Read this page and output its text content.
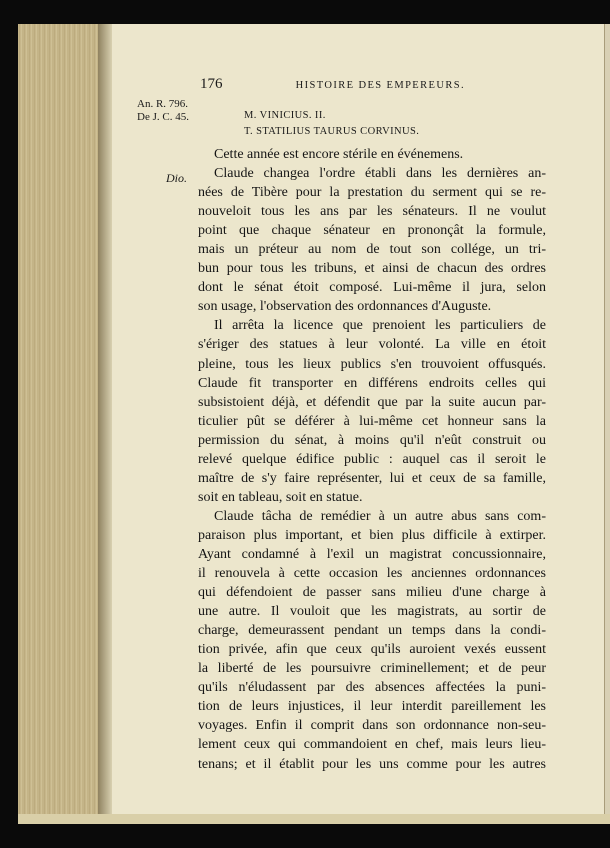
176	HISTOIRE DES EMPEREURS.
An. R. 796.
De J. C. 45.	M. VINICIUS. II.
T. STATILIUS TAURUS CORVINUS.
Dio.
Cette année est encore stérile en événemens.
Claude changea l'ordre établi dans les dernières an-
nées de Tibère pour la prestation du serment qui se re-
nouveloit tous les ans par les sénateurs. Il ne voulut
point que chaque sénateur en prononçât la formule,
mais un préteur au nom de tout son collége, un tri-
bun pour tous les tribuns, et ainsi de chacun des ordres
dont le sénat étoit composé. Lui-même il jura, selon
son usage, l'observation des ordonnances d'Auguste.
Il arrêta la licence que prenoient les particuliers de
s'ériger des statues à leur volonté. La ville en étoit
pleine, tous les lieux publics s'en trouvoient offusqués.
Claude fit transporter en différens endroits celles qui
subsistoient déjà, et défendit que par la suite aucun par-
ticulier pût se déférer à lui-même cet honneur sans la
permission du sénat, à moins qu'il n'eût construit ou
relevé quelque édifice public : auquel cas il seroit le
maître de s'y faire représenter, lui et ceux de sa famille,
soit en tableau, soit en statue.
Claude tâcha de remédier à un autre abus sans com-
paraison plus important, et bien plus difficile à extirper.
Ayant condamné à l'exil un magistrat concussionnaire,
il renouvela à cette occasion les anciennes ordonnances
qui défendoient de passer sans milieu d'une charge à
une autre. Il vouloit que les magistrats, au sortir de
charge, demeurassent pendant un temps dans la condi-
tion privée, afin que ceux qu'ils auroient vexés eussent
la liberté de les poursuivre criminellement; et de peur
qu'ils n'éludassent par des absences affectées la puni-
tion de leurs injustices, il leur interdit pareillement les
voyages. Enfin il comprit dans son ordonnance non-seu-
lement ceux qui commandoient en chef, mais leurs lieu-
tenans; et il établit pour les uns comme pour les autres
